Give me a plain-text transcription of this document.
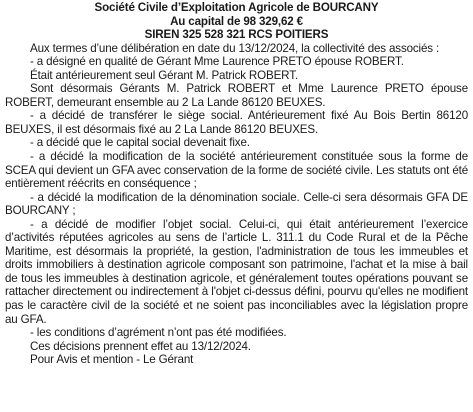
Société Civile d’Exploitation Agricole de BOURCANY

Au capital de 98 329,62 €

SIREN 325 528 321 RCS POITIERS

Aux termes d’une délibération en date du 13/12/2024, la collectivité des associés :

- a désigné en qualité de Gérant Mme Laurence PRETO épouse ROBERT.

Était antérieurement seul Gérant M. Patrick ROBERT.

Sont désormais Gérants M. Patrick ROBERT et Mme Laurence PRETO épouse ROBERT, demeurant ensemble au 2 La Lande 86120 BEUXES.

- a décidé de transférer le siège social. Antérieurement fixé Au Bois Bertin 86120 BEUXES, il est désormais fixé au 2 La Lande 86120 BEUXES.

- a décidé que le capital social devenait fixe.

- a décidé la modification de la société antérieurement constituée sous la forme de SCEA qui devient un GFA avec conservation de la forme de société civile. Les statuts ont été entièrement réécrits en conséquence ;

- a décidé la modification de la dénomination sociale. Celle-ci sera désormais GFA DE BOURCANY ;

- a décidé de modifier l’objet social. Celui-ci, qui était antérieurement l’exercice d’activités réputées agricoles au sens de l’article L. 311.1 du Code Rural et de la Pêche Maritime, est désormais la propriété, la gestion, l'administration de tous les immeubles et droits immobiliers à destination agricole composant son patrimoine, l'achat et la mise à bail de tous les immeubles à destination agricole, et généralement toutes opérations pouvant se rattacher directement ou indirectement à l'objet ci-dessus défini, pourvu qu'elles ne modifient pas le caractère civil de la société et ne soient pas inconciliables avec la législation propre au GFA.

- les conditions d’agrément n’ont pas été modifiées.

Ces décisions prennent effet au 13/12/2024.

Pour Avis et mention - Le Gérant
